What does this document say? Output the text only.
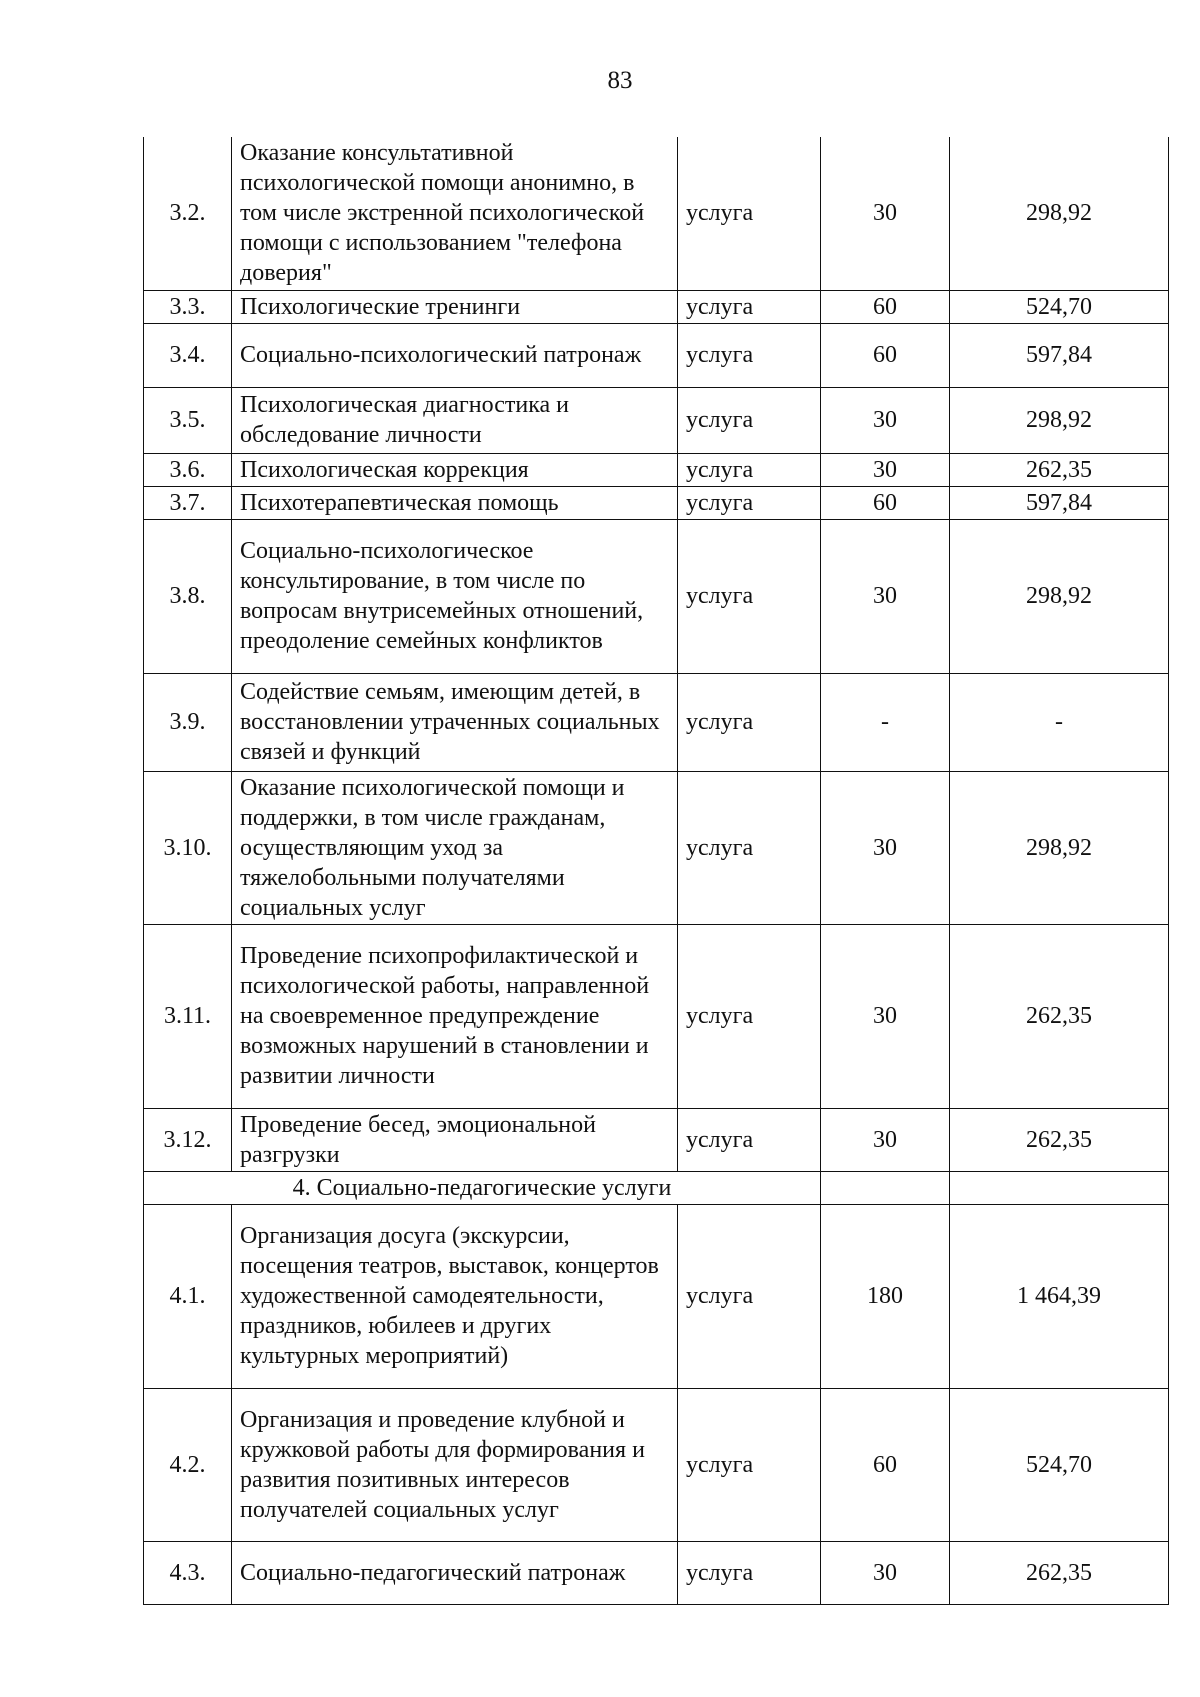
83
3.2.	Оказание консультативной психологической помощи анонимно, в том числе экстренной психологической помощи с использованием "телефона доверия"	услуга	30	298,92
3.3.	Психологические тренинги	услуга	60	524,70
3.4.	Социально-психологический патронаж	услуга	60	597,84
3.5.	Психологическая диагностика и обследование личности	услуга	30	298,92
3.6.	Психологическая коррекция	услуга	30	262,35
3.7.	Психотерапевтическая помощь	услуга	60	597,84
3.8.	Социально-психологическое консультирование, в том числе по вопросам внутрисемейных отношений, преодоление семейных конфликтов	услуга	30	298,92
3.9.	Содействие семьям, имеющим детей, в восстановлении утраченных социальных связей и функций	услуга	-	-
3.10.	Оказание психологической помощи и поддержки, в том числе гражданам, осуществляющим уход за тяжелобольными получателями социальных услуг	услуга	30	298,92
3.11.	Проведение психопрофилактической и психологической работы, направленной на своевременное предупреждение возможных нарушений в становлении и развитии личности	услуга	30	262,35
3.12.	Проведение бесед, эмоциональной разгрузки	услуга	30	262,35
4. Социально-педагогические услуги				
4.1.	Организация досуга (экскурсии, посещения театров, выставок, концертов художественной самодеятельности, праздников, юбилеев и других культурных мероприятий)	услуга	180	1 464,39
4.2.	Организация и проведение клубной и кружковой работы для формирования и развития позитивных интересов получателей социальных услуг	услуга	60	524,70
4.3.	Социально-педагогический патронаж	услуга	30	262,35
